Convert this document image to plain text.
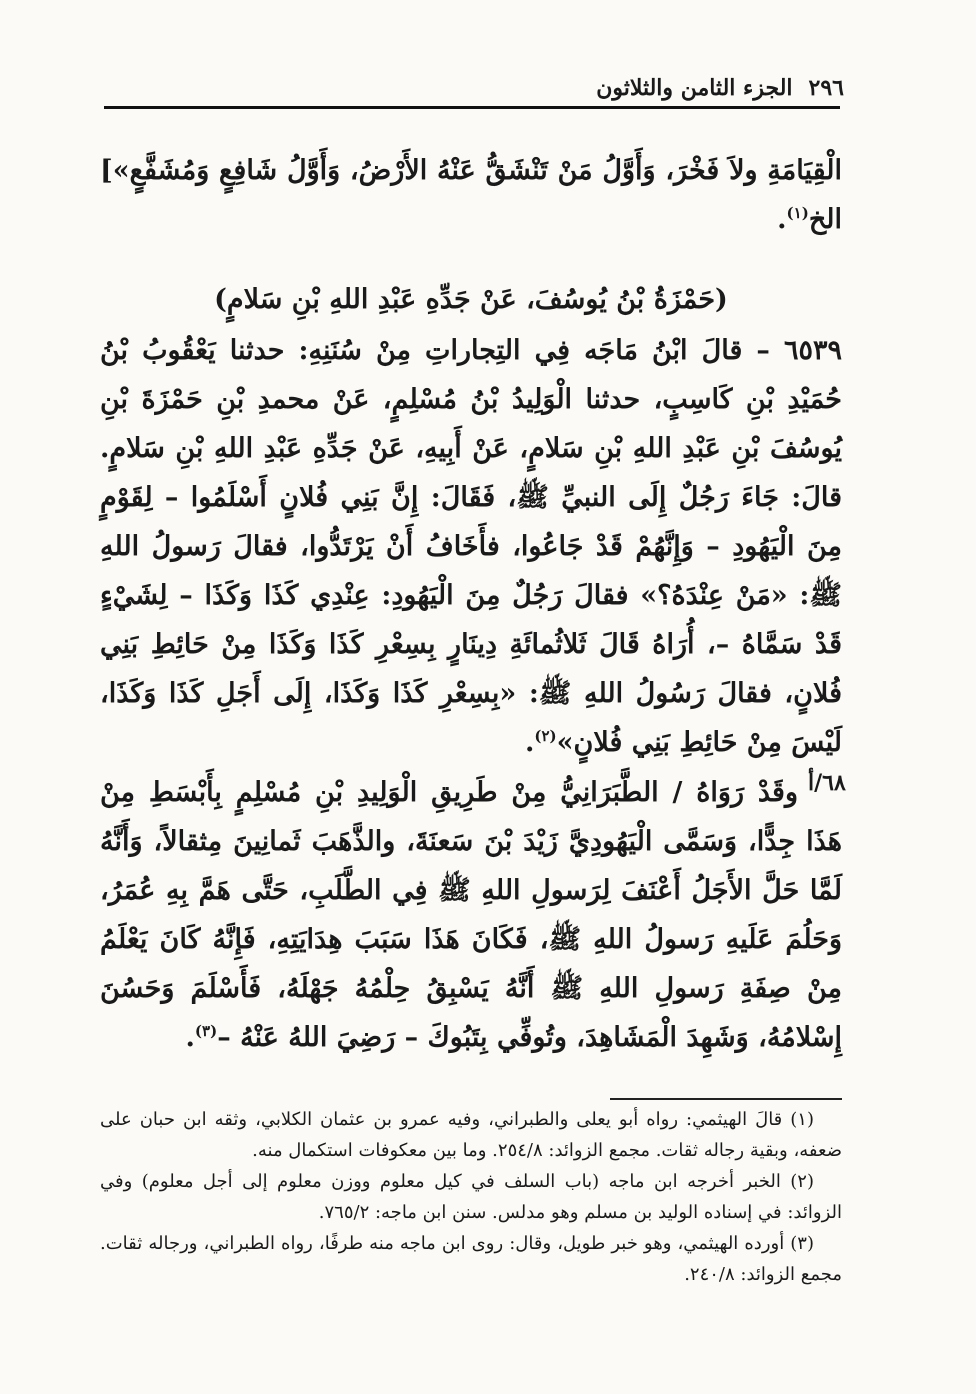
٢٩٦
الجزء الثامن والثلاثون
الْقِيَامَةِ ولاَ فَخْرَ، وَأَوَّلُ مَنْ تَنْشَقُّ عَنْهُ الأَرْضُ، وَأَوَّلُ شَافِعٍ وَمُشَفَّعٍ»] الخ$^{(١)}$.
(حَمْزَةُ بْنُ يُوسُفَ، عَنْ جَدِّهِ عَبْدِ اللهِ بْنِ سَلامٍ)
٦٥٣٩ – قالَ ابْنُ مَاجَه فِي التِجاراتِ مِنْ سُنَنِهِ: حدثنا يَعْقُوبُ بْنُ حُمَيْدِ بْنِ كَاسِبٍ، حدثنا الْوَلِيدُ بْنُ مُسْلِمٍ، عَنْ محمدِ بْنِ حَمْزَةَ بْنِ يُوسُفَ بْنِ عَبْدِ اللهِ بْنِ سَلامٍ، عَنْ أَبِيهِ، عَنْ جَدِّهِ عَبْدِ اللهِ بْنِ سَلامٍ. قالَ: جَاءَ رَجُلٌ إِلَى النبيِّ ﷺ، فَقَالَ: إِنَّ بَنِي فُلانٍ أَسْلَمُوا – لِقَوْمٍ مِنَ الْيَهُودِ – وَإِنَّهُمْ قَدْ جَاعُوا، فأَخَافُ أَنْ يَرْتَدُّوا، فقالَ رَسولُ اللهِ ﷺ: «مَنْ عِنْدَهُ؟» فقالَ رَجُلٌ مِنَ الْيَهُودِ: عِنْدِي كَذَا وَكَذَا – لِشَيْءٍ قَدْ سَمَّاهُ –، أُرَاهُ قَالَ ثَلاثُمائَةِ دِينَارٍ بِسِعْرِ كَذَا وَكَذَا مِنْ حَائِطِ بَنِي فُلانٍ، فقالَ رَسُولُ اللهِ ﷺ: «بِسِعْرِ كَذَا وَكَذَا، إِلَى أَجَلِ كَذَا وَكَذَا، لَيْسَ مِنْ حَائِطِ بَنِي فُلانٍ»$^{(٢)}$.
٦٨/أ
وقَدْ رَوَاهُ / الطَّبَرَانِيُّ مِنْ طَرِيقِ الْوَلِيدِ بْنِ مُسْلِمٍ بِأَبْسَطِ مِنْ هَذَا جِدًّا، وَسَمَّى الْيَهُودِيَّ زَيْدَ بْنَ سَعنَةَ، والذَّهَبَ ثَمانِينَ مِثقالاً، وَأَنَّهُ لَمَّا حَلَّ الأَجَلُ أَعْنَفَ لِرَسولِ اللهِ ﷺ فِي الطَّلَبِ، حَتَّى هَمَّ بِهِ عُمَرُ، وَحَلُمَ عَلَيهِ رَسولُ اللهِ ﷺ، فَكَانَ هَذَا سَبَبَ هِدَايَتِهِ، فَإِنَّهُ كَانَ يَعْلَمُ مِنْ صِفَةِ رَسولِ اللهِ ﷺ أَنَّهُ يَسْبِقُ حِلْمُهُ جَهْلَهُ، فَأَسْلَمَ وَحَسُنَ إِسْلامُهُ، وَشَهِدَ الْمَشَاهِدَ، وتُوفِّي بِتَبُوكَ – رَضِيَ اللهُ عَنْهُ –$^{(٣)}$.

(١) قالَ الهيثمي: رواه أبو يعلى والطبراني، وفيه عمرو بن عثمان الكلابي، وثقه ابن حبان على ضعفه، وبقية رجاله ثقات. مجمع الزوائد: ٢٥٤/٨. وما بين معكوفات استكمال منه.

(٢) الخبر أخرجه ابن ماجه (باب السلف في كيل معلوم ووزن معلوم إلى أجل معلوم) وفي الزوائد: في إسناده الوليد بن مسلم وهو مدلس. سنن ابن ماجه: ٧٦٥/٢.

(٣) أورده الهيثمي، وهو خبر طويل، وقال: روى ابن ماجه منه طرفًا، رواه الطبراني، ورجاله ثقات. مجمع الزوائد: ٢٤٠/٨.
